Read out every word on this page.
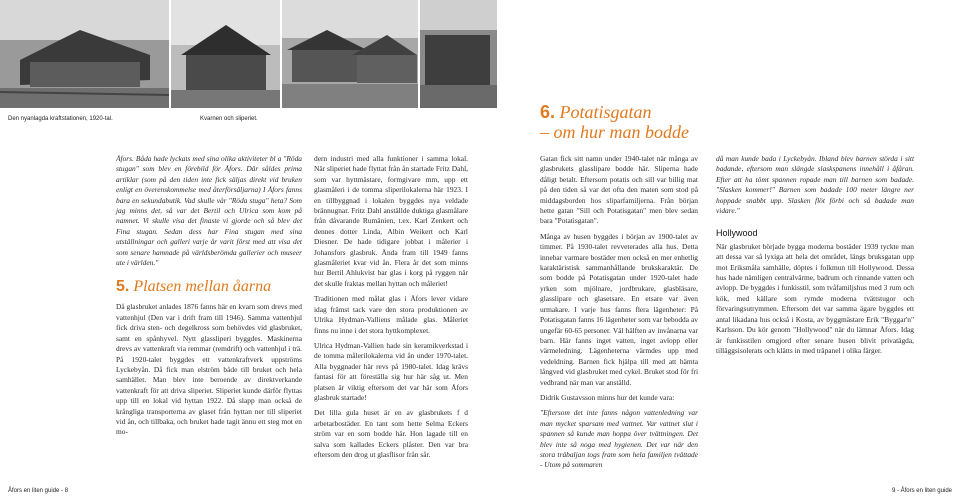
Den nyanlagda kraftstationen, 1920-tal.	Kvarnen och sliperiet.

Åfors. Båda hade lyckats med sina olika aktiviteter bl a "Röda stugan" som blev en förebild för Åfors. Där såldes prima artiklar (som på den tiden inte fick säljas direkt vid bruken enligt en överenskommelse med återförsäljarna) I Åfors fanns bara en sekundabutik. Vad skulle vår "Röda stuga" heta? Som jag minns det, så var det Bertil och Ulrica som kom på namnet. Vi skulle visa det finaste vi gjorde och så blev det Fina stugan. Sedan dess har Fina stugan med sina utställningar och galleri varje år varit först med att visa det som senare hamnade på världsberömda gallerier och museer ute i världen."

5. Platsen mellan åarna

Då glasbruket anlades 1876 fanns här en kvarn som drevs med vattenhjul (Den var i drift fram till 1946). Samma vattenhjul fick driva sten- och degelkross som behövdes vid glasbruket, samt en spånhyvel. Nytt glassliperi byggdes. Maskinerna drevs av vattenkraft via remmar (remdrift) och vattenhjul i trä. På 1920-talet byggdes ett vattenkraftverk uppströms Lyckebyån. Då fick man elström både till bruket och hela samhället. Man blev inte beroende av direktverkande vattenkraft för att driva sliperiet. Sliperiet kunde därför flyttas upp till en lokal vid hyttan 1922. Då slapp man också de krångliga transporterna av glaset från hyttan ner till sliperiet vid ån, och tillbaka, och bruket hade tagit ännu ett steg mot en mo-

dern industri med alla funktioner i samma lokal. När sliperiet hade flyttat från ån startade Fritz Dahl, som var hyttmästare, formgivare mm, upp ett glasmåleri i de tomma sliperilokalerna här 1923. I en tillbyggnad i lokalen byggdes nya veldade brännugnar. Fritz Dahl anställde duktiga glasmålare från dåvarande Rumänien, t.ex. Karl Zenkert och dennes dotter Linda, Albin Weikert och Karl Diesner. De hade tidigare jobbat i målerier i Johansfors glasbruk. Ända fram till 1949 fanns glasmåleriet kvar vid ån. Flera år det som minns hur Bertil Ahlukvist bar glas i korg på ryggen när det skulle fraktas mellan hyttan och måleriet!

Traditionen med målat glas i Åfors lever vidare idag främst tack vare den stora produktionen av Ulrika Hydman-Valliens målade glas. Måleriet finns nu inne i det stora hyttkomplexet.

Ulrica Hydman-Vallien hade sin keramikverkstad i de tomma målerilokalerna vid ån under 1970-talet. Alla byggnader här revs på 1980-talet. Idag krävs fantasi för att föreställa sig hur här såg ut. Men platsen är viktig eftersom det var här som Åfors glasbruk startade!

Det lilla gula huset är en av glasbrukets f d arbetarbostäder. En tant som hette Selma Eckers ström var en som bodde här. Hon lagade till en salva som kallades Eckers plåster. Den var bra eftersom den drog ut glasflisor från sår.

Åfors en liten guide - 8
6. Potatisgatan
– om hur man bodde

Gatan fick sitt namn under 1940-talet när många av glasbrukets glasslipare bodde här. Sliperna hade dåligt betalt. Eftersom potatis och sill var billig mat på den tiden så var det ofta den maten som stod på middagsborden hos sliparfamiljerna. Från början hette gatan "Sill och Potatisgatan" men blev sedan bara "Potatisgatan".

Många av husen byggdes i början av 1900-talet av timmer. På 1930-talet revveterades alla hus. Detta innebar varmare bostäder men också en mer enhetlig karaktäristisk sammanhållande brukskaraktär. De som bodde på Potatisgatan under 1920-talet hade yrken som mjölnare, jordbrukare, glasbläsare, glasslipare och glasetsare. En etsare var även urmakare. I varje hus fanns flera lägenheter: På Potatisgatan fanns 16 lägenheter som var bebodda av ungefär 60-65 personer. Väl hälften av invånarna var barn. Här fanns inget vatten, inget avlopp eller värmeledning. Lägenheterna värmdes upp med vedeldning. Barnen fick hjälpa till med att hämta långved vid glasbruket med cykel. Bruket stod för fri vedbrand när man var anställd.

Didrik Gustavsson minns hur det kunde vara:

"Eftersom det inte fanns någon vattenledning var man mycket sparsam med vattnet. Var vattnet slut i spannen så kunde man hoppa över tvättningen. Det blev inte så noga med hygienen. Det var när den stora träbaljan togs fram som hela familjen tvättade - Utom på sommaren

då man kunde bada i Lyckebyån. Ibland blev barnen störda i sitt badande, eftersom man slängde slaskspanens innehåll i åfåran. Efter att ha tömt spannen ropade man till barnen som badade. "Slasken kommer!" Barnen som badade 100 meter längre ner hoppade snabbt upp. Slasken flöt förbi och så badade man vidare."

Hollywood

När glasbruket började bygga moderna bostäder 1939 tyckte man att dessa var så lyxiga att hela det området, längs bruksgatan upp mot Eriksmåla samhälle, döptes i folkmun till Hollywood. Dessa hus hade nämligen centralvärme, badrum och rinnande vatten och avlopp. De byggdes i funkisstil, som tvåfamiljshus med 3 rum och kök, med källare som rymde moderna tvättstugor och förvaringsutrymmen. Eftersom det var samma ägare byggdes ett antal likadana hus också i Kosta, av byggmästare Erik "Byggar'n" Karlsson. Du kör genom "Hollywood" när du lämnar Åfors. Idag är funkisstilen omgjord efter senare husen blivit privatägda, tilläggsisolerats och klätts in med träpanel i olika färger.

9 - Åfors en liten guide
